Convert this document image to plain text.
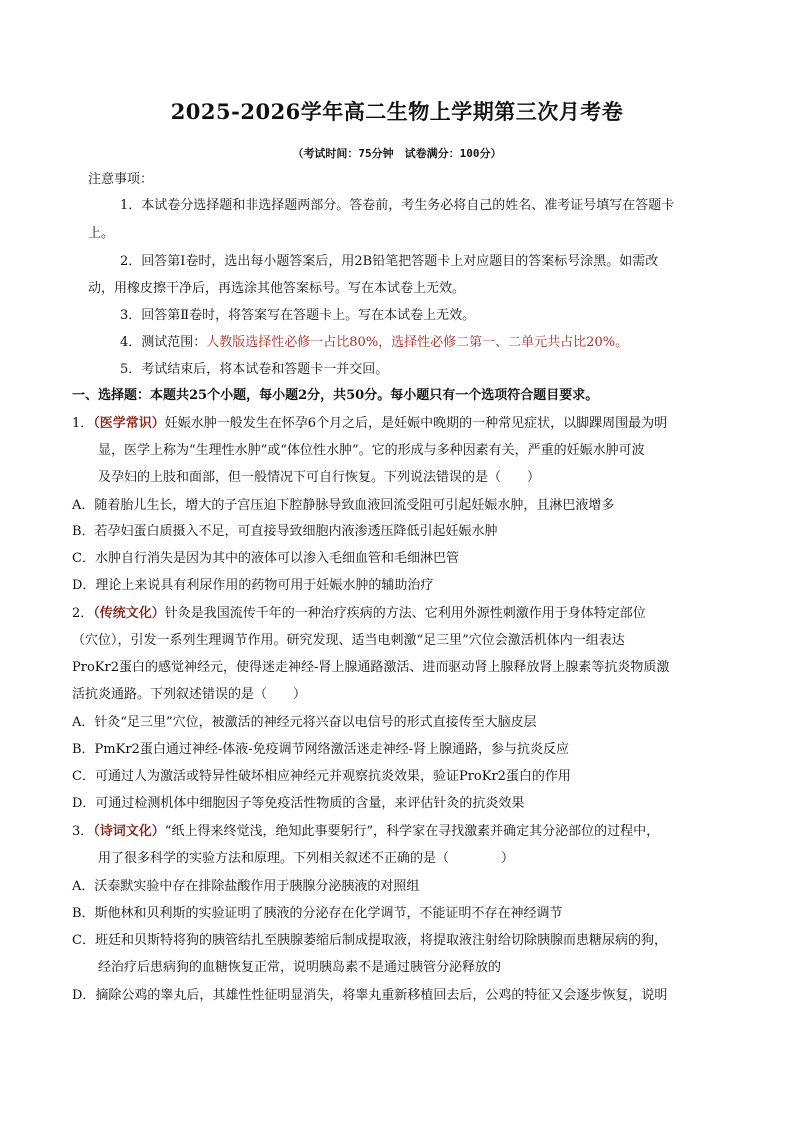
2025-2026学年高二生物上学期第三次月考卷
（考试时间：75分钟　试卷满分：100分）
注意事项：
1．本试卷分选择题和非选择题两部分。答卷前，考生务必将自己的姓名、准考证号填写在答题卡
上。
2．回答第Ⅰ卷时，选出每小题答案后，用2B铅笔把答题卡上对应题目的答案标号涂黑。如需改
动，用橡皮擦干净后，再选涂其他答案标号。写在本试卷上无效。
3．回答第Ⅱ卷时，将答案写在答题卡上。写在本试卷上无效。
4．测试范围：人教版选择性必修一占比80%，选择性必修二第一、二单元共占比20%。
5．考试结束后，将本试卷和答题卡一并交回。
一、选择题：本题共25个小题，每小题2分，共50分。每小题只有一个选项符合题目要求。
1．（医学常识）妊娠水肿一般发生在怀孕6个月之后，是妊娠中晚期的一种常见症状，以脚踝周围最为明
显，医学上称为“生理性水肿”或“体位性水肿”。它的形成与多种因素有关，严重的妊娠水肿可波
及孕妇的上肢和面部，但一般情况下可自行恢复。下列说法错误的是（　　）
A．随着胎儿生长，增大的子宫压迫下腔静脉导致血液回流受阻可引起妊娠水肿，且淋巴液增多
B．若孕妇蛋白质摄入不足，可直接导致细胞内液渗透压降低引起妊娠水肿
C．水肿自行消失是因为其中的液体可以渗入毛细血管和毛细淋巴管
D．理论上来说具有利尿作用的药物可用于妊娠水肿的辅助治疗
2．（传统文化）针灸是我国流传千年的一种治疗疾病的方法、它利用外源性刺激作用于身体特定部位
（穴位），引发一系列生理调节作用。研究发现、适当电刺激“足三里”穴位会激活机体内一组表达
ProKr2蛋白的感觉神经元，使得迷走神经-肾上腺通路激活、进而驱动肾上腺释放肾上腺素等抗炎物质激
活抗炎通路。下列叙述错误的是（　　）
A．针灸“足三里”穴位，被激活的神经元将兴奋以电信号的形式直接传至大脑皮层
B．PmKr2蛋白通过神经-体液-免疫调节网络激活迷走神经-肾上腺通路，参与抗炎反应
C．可通过人为激活或特异性破坏相应神经元并观察抗炎效果，验证ProKr2蛋白的作用
D．可通过检测机体中细胞因子等免疫活性物质的含量，来评估针灸的抗炎效果
3．（诗词文化）“纸上得来终觉浅，绝知此事要躬行”，科学家在寻找激素并确定其分泌部位的过程中，
用了很多科学的实验方法和原理。下列相关叙述不正确的是（　　　　）
A．沃泰默实验中存在排除盐酸作用于胰腺分泌胰液的对照组
B．斯他林和贝利斯的实验证明了胰液的分泌存在化学调节，不能证明不存在神经调节
C．班廷和贝斯特将狗的胰管结扎至胰腺萎缩后制成提取液，将提取液注射给切除胰腺而患糖尿病的狗，
经治疗后患病狗的血糖恢复正常，说明胰岛素不是通过胰管分泌释放的
D．摘除公鸡的睾丸后，其雄性性征明显消失，将睾丸重新移植回去后，公鸡的特征又会逐步恢复，说明
